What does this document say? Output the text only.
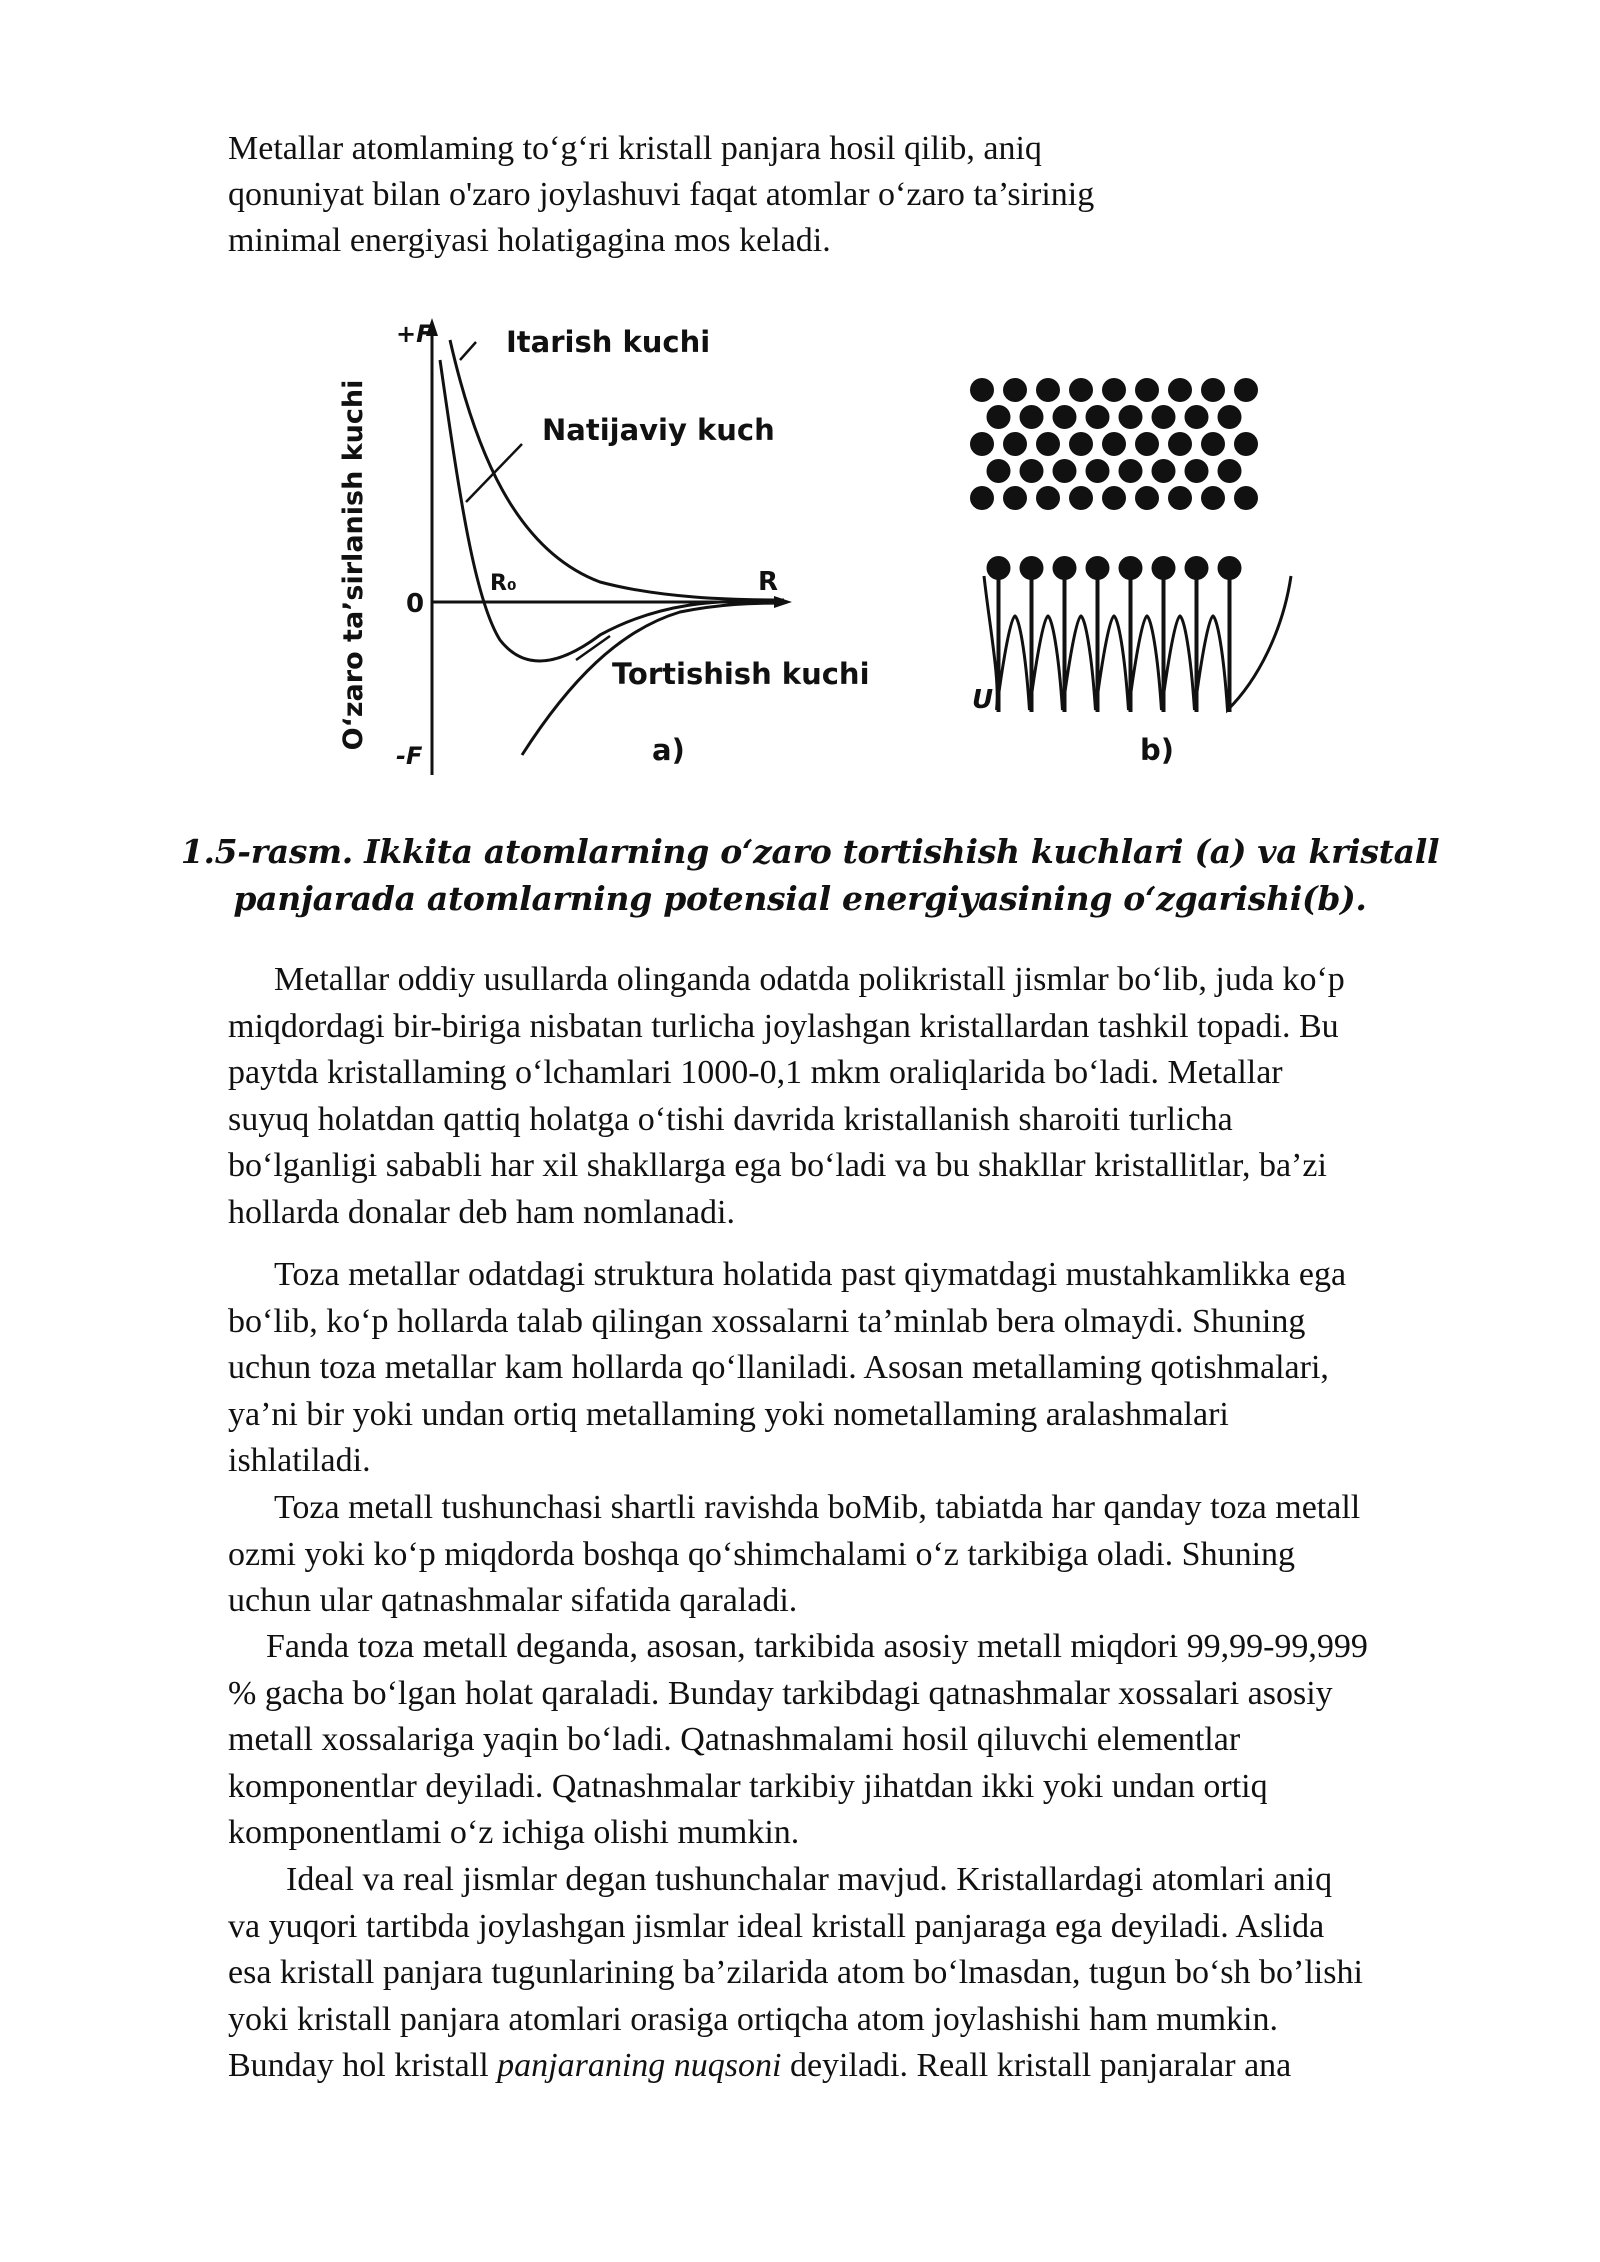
Metallar atomlaming to‘g‘ri kristall panjara hosil qilib, aniq
qonuniyat bilan o'zaro joylashuvi faqat atomlar o‘zaro ta’sirinig
minimal energiyasi holatigagina mos keladi.
O‘zaro ta’sirlanish kuchi
+F
-F
0
R₀	R
Itarish kuchi
Natijaviy kuch
Tortishish kuchi
a)
U
b)
1.5-rasm. Ikkita atomlarning o‘zaro tortishish kuchlari (a) va kristall
panjarada atomlarning potensial energiyasining o‘zgarishi(b).
Metallar oddiy usullarda olinganda odatda polikristall jismlar bo‘lib, juda ko‘p
miqdordagi bir-biriga nisbatan turlicha joylashgan kristallardan tashkil topadi. Bu
paytda kristallaming o‘lchamlari 1000-0,1 mkm oraliqlarida bo‘ladi. Metallar
suyuq holatdan qattiq holatga o‘tishi davrida kristallanish sharoiti turlicha
bo‘lganligi sababli har xil shakllarga ega bo‘ladi va bu shakllar kristallitlar, ba’zi
hollarda donalar deb ham nomlanadi.
Toza metallar odatdagi struktura holatida past qiymatdagi mustahkamlikka ega
bo‘lib, ko‘p hollarda talab qilingan xossalarni ta’minlab bera olmaydi. Shuning
uchun toza metallar kam hollarda qo‘llaniladi. Asosan metallaming qotishmalari,
ya’ni bir yoki undan ortiq metallaming yoki nometallaming aralashmalari
ishlatiladi.
Toza metall tushunchasi shartli ravishda boMib, tabiatda har qanday toza metall
ozmi yoki ko‘p miqdorda boshqa qo‘shimchalami o‘z tarkibiga oladi. Shuning
uchun ular qatnashmalar sifatida qaraladi.
Fanda toza metall deganda, asosan, tarkibida asosiy metall miqdori 99,99-99,999
% gacha bo‘lgan holat qaraladi. Bunday tarkibdagi qatnashmalar xossalari asosiy
metall xossalariga yaqin bo‘ladi. Qatnashmalami hosil qiluvchi elementlar
komponentlar deyiladi. Qatnashmalar tarkibiy jihatdan ikki yoki undan ortiq
komponentlami o‘z ichiga olishi mumkin.
Ideal va real jismlar degan tushunchalar mavjud. Kristallardagi atomlari aniq
va yuqori tartibda joylashgan jismlar ideal kristall panjaraga ega deyiladi. Aslida
esa kristall panjara tugunlarining ba’zilarida atom bo‘lmasdan, tugun bo‘sh bo’lishi
yoki kristall panjara atomlari orasiga ortiqcha atom joylashishi ham mumkin.
Bunday hol kristall panjaraning nuqsoni deyiladi. Reall kristall panjaralar ana
